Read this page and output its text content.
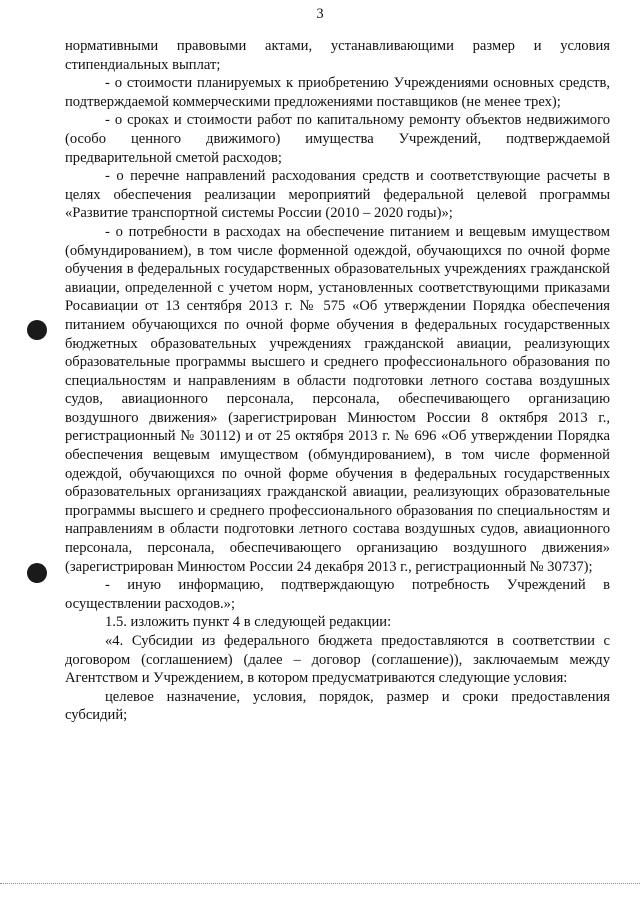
3

нормативными правовыми актами, устанавливающими размер и условия стипендиальных выплат;

- о стоимости планируемых к приобретению Учреждениями основных средств, подтверждаемой коммерческими предложениями поставщиков (не менее трех);

- о сроках и стоимости работ по капитальному ремонту объектов недвижимого (особо ценного движимого) имущества Учреждений, подтверждаемой предварительной сметой расходов;

- о перечне направлений расходования средств и соответствующие расчеты в целях обеспечения реализации мероприятий федеральной целевой программы «Развитие транспортной системы России (2010 – 2020 годы)»;

- о потребности в расходах на обеспечение питанием и вещевым имуществом (обмундированием), в том числе форменной одеждой, обучающихся по очной форме обучения в федеральных государственных образовательных учреждениях гражданской авиации, определенной с учетом норм, установленных соответствующими приказами Росавиации от 13 сентября 2013 г. № 575 «Об утверждении Порядка обеспечения питанием обучающихся по очной форме обучения в федеральных государственных бюджетных образовательных учреждениях гражданской авиации, реализующих образовательные программы высшего и среднего профессионального образования по специальностям и направлениям в области подготовки летного состава воздушных судов, авиационного персонала, персонала, обеспечивающего организацию воздушного движения» (зарегистрирован Минюстом России 8 октября 2013 г., регистрационный № 30112) и от 25 октября 2013 г. № 696 «Об утверждении Порядка обеспечения вещевым имуществом (обмундированием), в том числе форменной одеждой, обучающихся по очной форме обучения в федеральных государственных образовательных организациях гражданской авиации, реализующих образовательные программы высшего и среднего профессионального образования по специальностям и направлениям в области подготовки летного состава воздушных судов, авиационного персонала, персонала, обеспечивающего организацию воздушного движения» (зарегистрирован Минюстом России 24 декабря 2013 г., регистрационный № 30737);

- иную информацию, подтверждающую потребность Учреждений в осуществлении расходов.»;

1.5. изложить пункт 4 в следующей редакции:

«4. Субсидии из федерального бюджета предоставляются в соответствии с договором (соглашением) (далее – договор (соглашение)), заключаемым между Агентством и Учреждением, в котором предусматриваются следующие условия:

целевое назначение, условия, порядок, размер и сроки предоставления субсидий;
